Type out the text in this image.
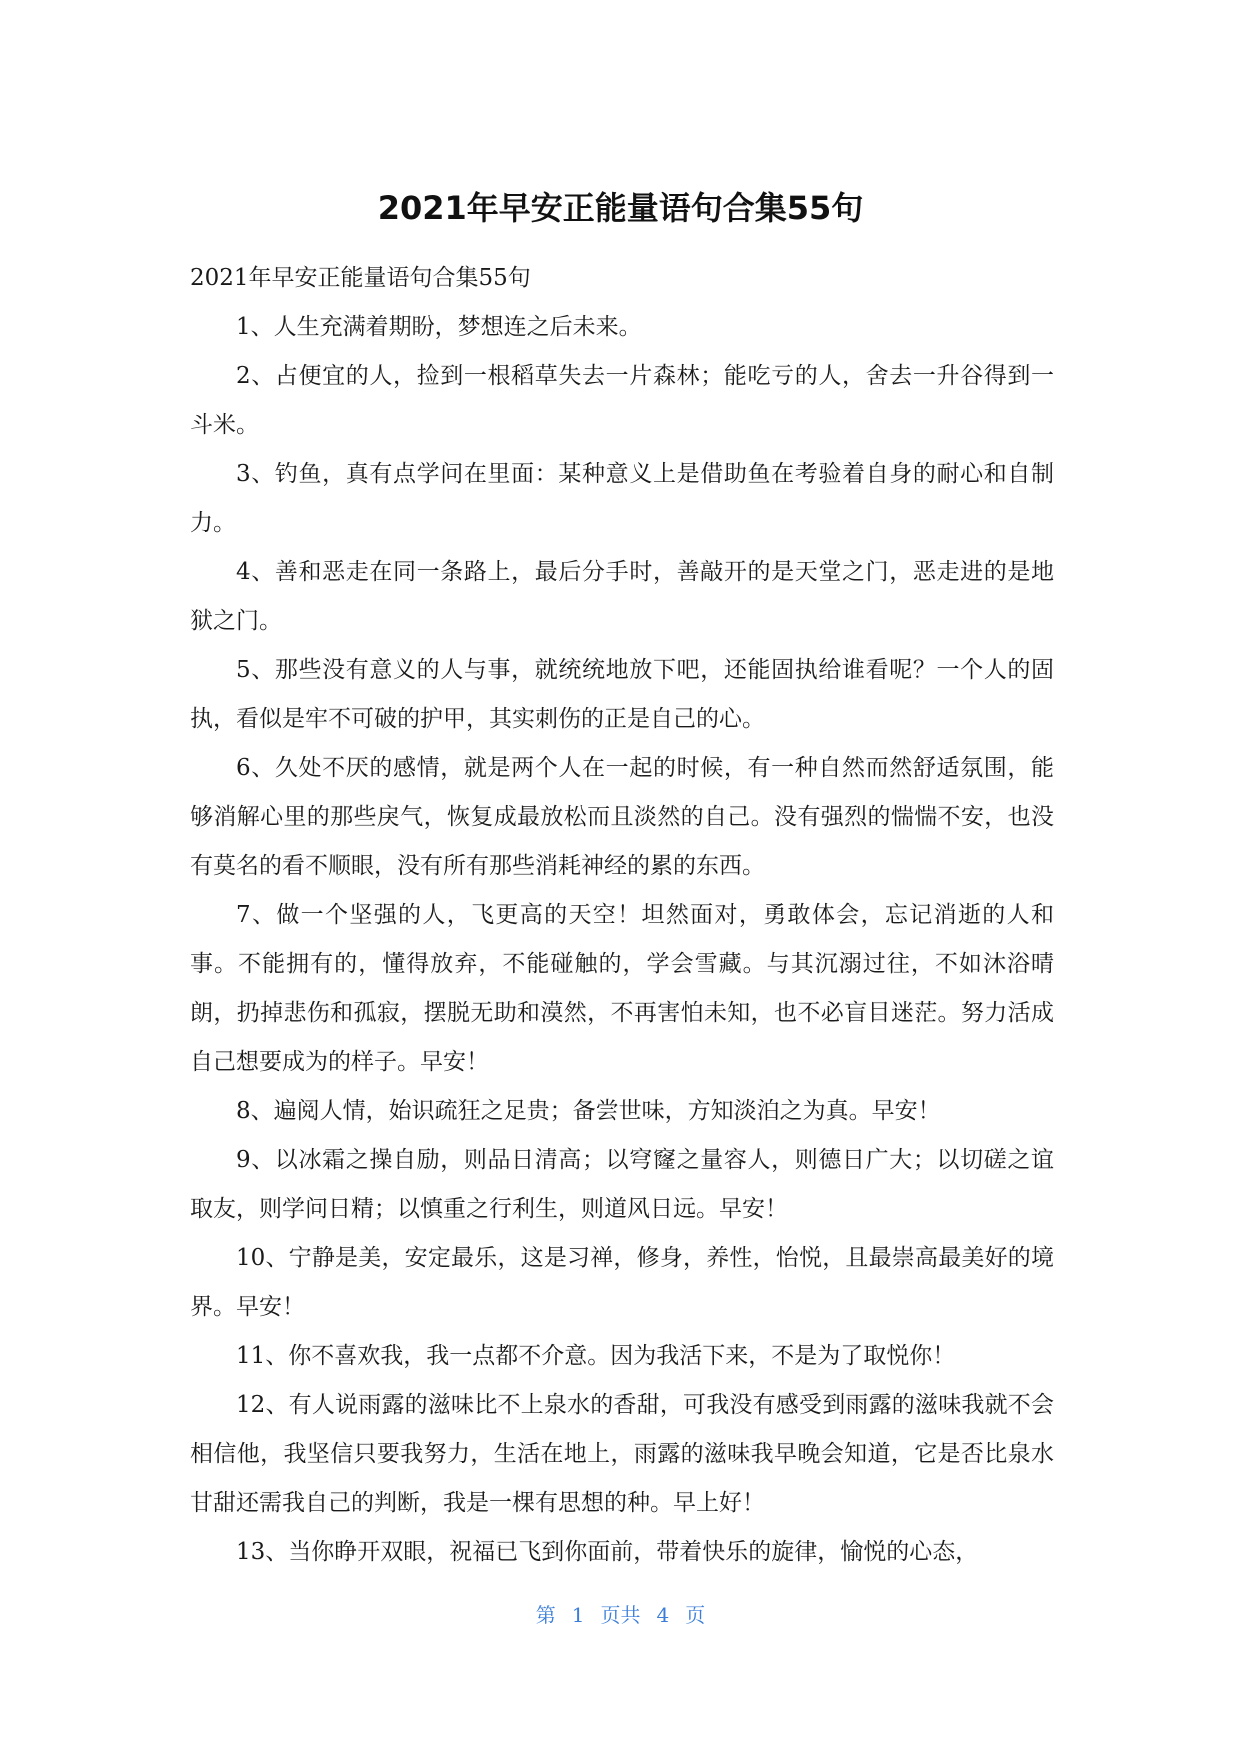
2021年早安正能量语句合集55句

2021年早安正能量语句合集55句

1、人生充满着期盼，梦想连之后未来。

2、占便宜的人，捡到一根稻草失去一片森林；能吃亏的人，舍去一升谷得到一斗米。

3、钓鱼，真有点学问在里面：某种意义上是借助鱼在考验着自身的耐心和自制力。

4、善和恶走在同一条路上，最后分手时，善敲开的是天堂之门，恶走进的是地狱之门。

5、那些没有意义的人与事，就统统地放下吧，还能固执给谁看呢？一个人的固执，看似是牢不可破的护甲，其实刺伤的正是自己的心。

6、久处不厌的感情，就是两个人在一起的时候，有一种自然而然舒适氛围，能够消解心里的那些戾气，恢复成最放松而且淡然的自己。没有强烈的惴惴不安，也没有莫名的看不顺眼，没有所有那些消耗神经的累的东西。

7、做一个坚强的人，飞更高的天空！坦然面对，勇敢体会，忘记消逝的人和事。不能拥有的，懂得放弃，不能碰触的，学会雪藏。与其沉溺过往，不如沐浴晴朗，扔掉悲伤和孤寂，摆脱无助和漠然，不再害怕未知，也不必盲目迷茫。努力活成自己想要成为的样子。早安！

8、遍阅人情，始识疏狂之足贵；备尝世味，方知淡泊之为真。早安！

9、以冰霜之操自励，则品日清高；以穹窿之量容人，则德日广大；以切磋之谊取友，则学问日精；以慎重之行利生，则道风日远。早安！

10、宁静是美，安定最乐，这是习禅，修身，养性，怡悦，且最崇高最美好的境界。早安！

11、你不喜欢我，我一点都不介意。因为我活下来，不是为了取悦你！

12、有人说雨露的滋味比不上泉水的香甜，可我没有感受到雨露的滋味我就不会相信他，我坚信只要我努力，生活在地上，雨露的滋味我早晚会知道，它是否比泉水甘甜还需我自己的判断，我是一棵有思想的种。早上好！

13、当你睁开双眼，祝福已飞到你面前，带着快乐的旋律，愉悦的心态，

第 1 页共 4 页
